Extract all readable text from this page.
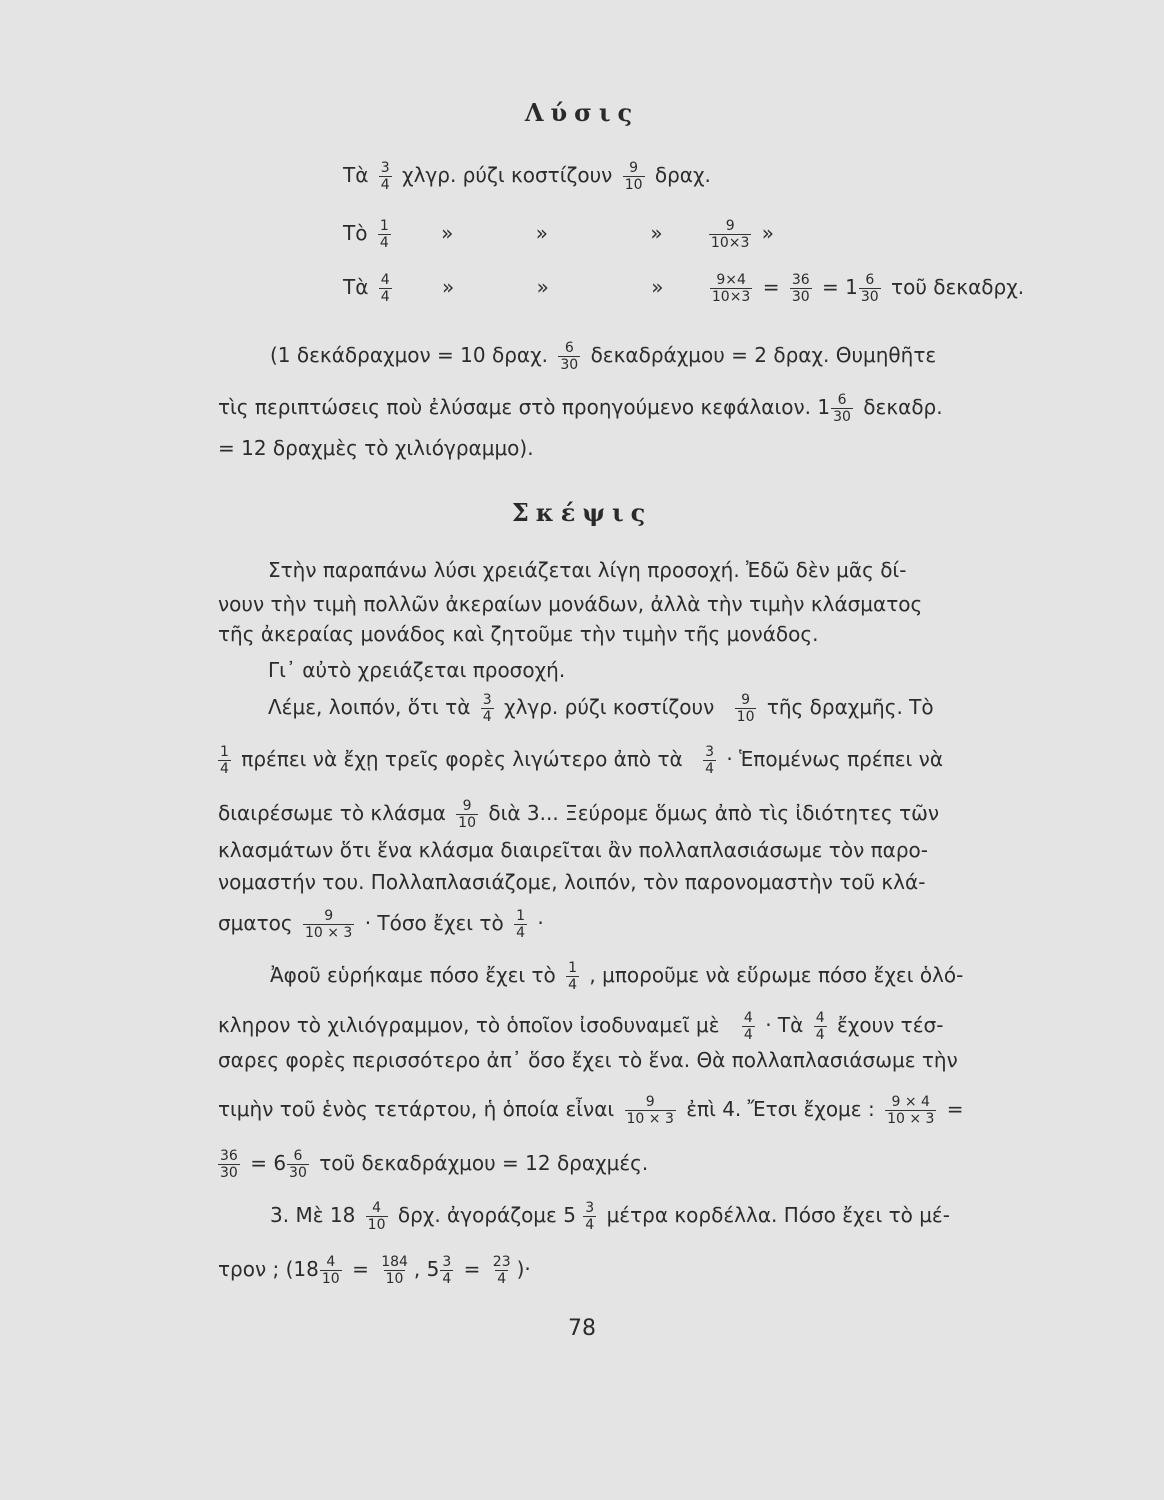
Λύσις
Τὰ $\frac{3}{4} \chi\lambda\gamma\rho$. ρύζι κοστίζουν $\frac{9}{10} \delta\rho\alpha\chi$.
Τὸ $\frac{1}{4}$	»	»	»	$\frac{9}{10\times 3}$ »
Τὰ $\frac{4}{4}$	»	»	»	$\frac{9\times 4}{10\times 3} = \frac{36}{30} = 1 \frac{6}{30}$ τοῦ δεκαδρχ.
(1 δεκάδραχμον = 10 δραχ. $\frac{6}{30}$ δεκαδράχμου = 2 δραχ. Θυμηθῆτε
τὶς περιπτώσεις ποὺ ἐλύσαμε στὸ προηγούμενο κεφάλαιον. $1 \frac{6}{30} \delta\varepsilon\kappa\alpha\delta\rho$.
= 12 δραχμὲς τὸ χιλιόγραμμο).
Σκέψις
Στὴν παραπάνω λύσι χρειάζεται λίγη προσοχή. Ἐδῶ δὲν μᾶς δί-
νουν τὴν τιμὴ πολλῶν ἀκεραίων μονάδων, ἀλλὰ τὴν τιμὴν κλάσματος
τῆς ἀκεραίας μονάδος καὶ ζητοῦμε τὴν τιμὴν τῆς μονάδος.
Γι᾽ αὐτὸ χρειάζεται προσοχή.
Λέμε, λοιπόν, ὅτι τὰ $\frac{3}{4} \chi\lambda\gamma\rho$. ρύζι κοστίζουν $\frac{9}{10}$ τῆς δραχμῆς. Τὸ
$\frac{1}{4}$ πρέπει νὰ ἔχῃ τρεῖς φορὲς λιγώτερο ἀπὸ τὰ $\frac{3}{4}$ · Ἑπομένως πρέπει νὰ
διαιρέσωμε τὸ κλάσμα $\frac{9}{10}$ διὰ 3... Ξεύρομε ὅμως ἀπὸ τὶς ἰδιότητες τῶν
κλασμάτων ὅτι ἕνα κλάσμα διαιρεῖται ἂν πολλαπλασιάσωμε τὸν παρο-
νομαστήν του. Πολλαπλασιάζομε, λοιπόν, τὸν παρονομαστὴν τοῦ κλά-
σματος $\frac{9}{10 \times 3} \cdot Tό\sigma o$ ἔχει τὸ $\frac{1}{4}$ ·
Ἀφοῦ εὑρήκαμε πόσο ἔχει τὸ $\frac{1}{4}$ , μποροῦμε νὰ εὕρωμε πόσο ἔχει ὁλό-
κληρον τὸ χιλιόγραμμον, τὸ ὁποῖον ἰσοδυναμεῖ μὲ $\frac{4}{4}$ · Τὰ $\frac{4}{4}$ ἔχουν τέσ-
σαρες φορὲς περισσότερο ἀπ᾽ ὅσο ἔχει τὸ ἕνα. Θὰ πολλαπλασιάσωμε τὴν
τιμὴν τοῦ ἑνὸς τετάρτου, ἡ ὁποία εἶναι $\frac{9}{10 \times 3}$ ἐπὶ 4. Ἔτσι ἔχομε : $\frac{9 \times 4}{10 \times 3}$ =
$\frac{36}{30} = 6 \frac{6}{30}$ τοῦ δεκαδράχμου = 12 δραχμές.
3. Μὲ $18 \frac{4}{10} \delta\rho\chi$. ἀγοράζομε $5 \frac{3}{4}$ μέτρα κορδέλλα. Πόσο ἔχει τὸ μέ-
τρον ; ($18 \frac{4}{10} = \frac{184}{10}$ , $5 \frac{3}{4} = \frac{23}{4}$ )·
78
